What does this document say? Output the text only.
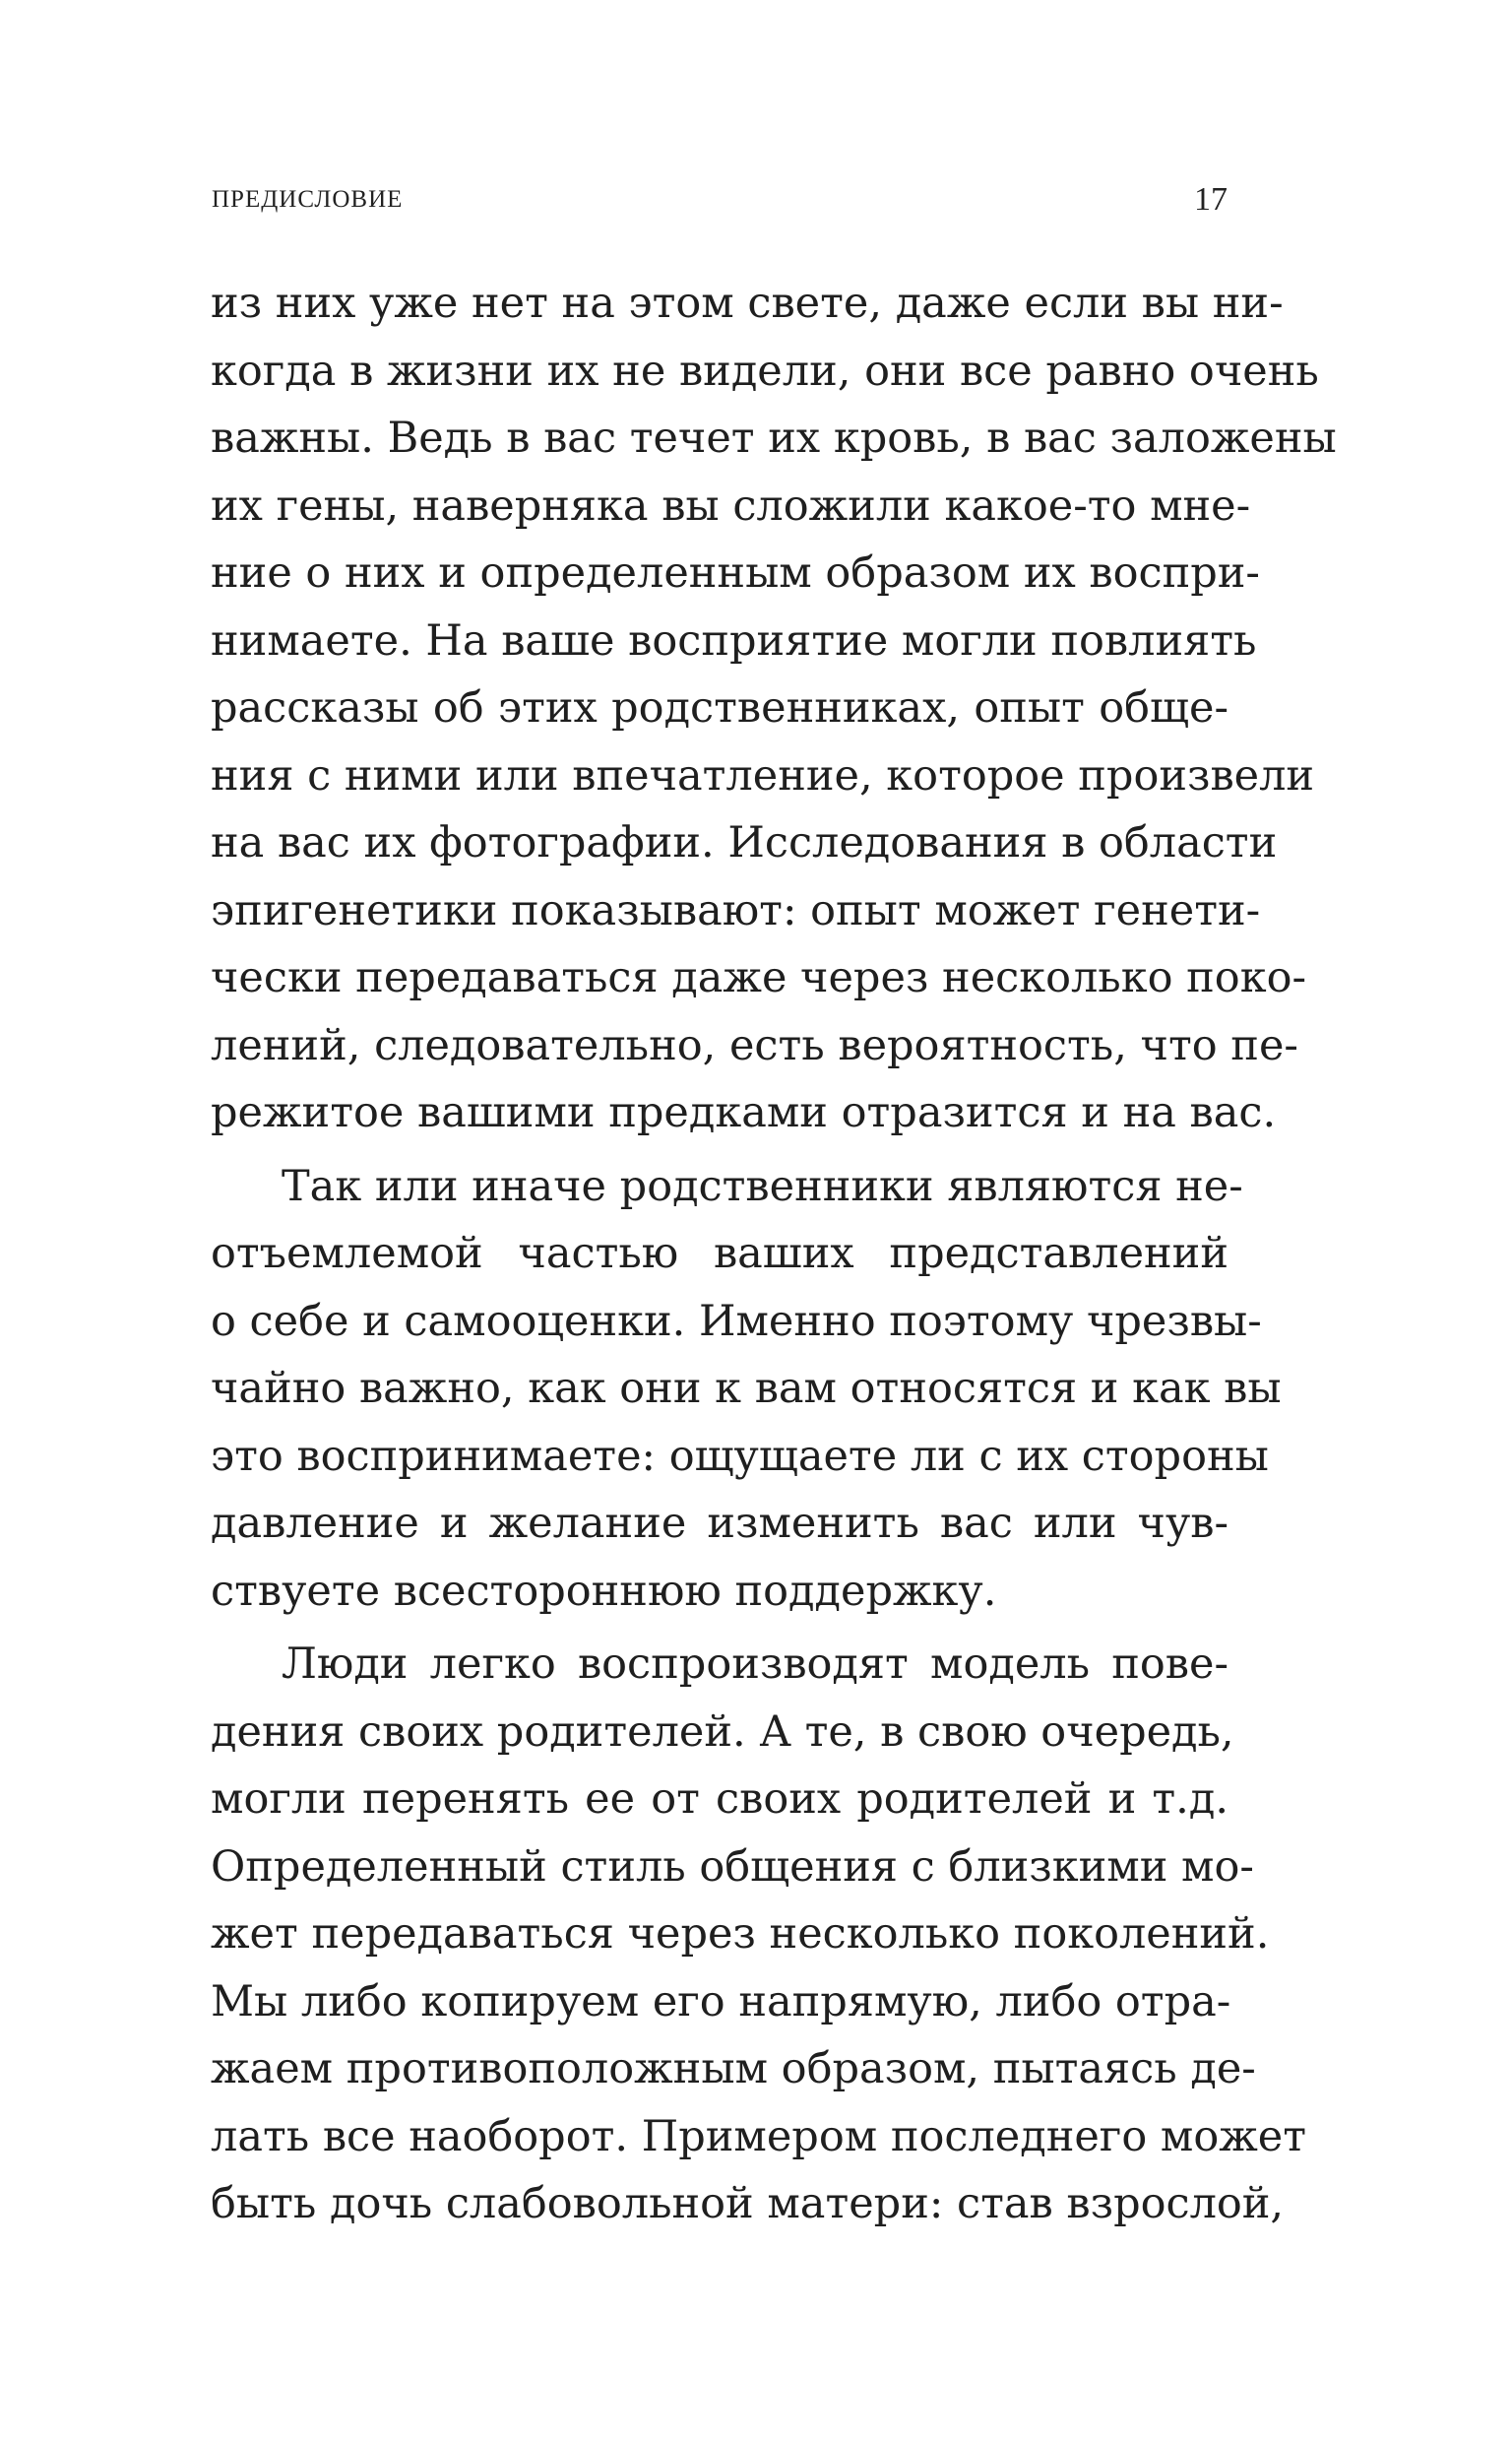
ПРЕДИСЛОВИЕ	17
из них уже нет на этом свете, даже если вы ни-
когда в жизни их не видели, они все равно очень
важны. Ведь в вас течет их кровь, в вас заложены
их гены, наверняка вы сложили какое-то мне-
ние о них и определенным образом их воспри-
нимаете. На ваше восприятие могли повлиять
рассказы об этих родственниках, опыт обще-
ния с ними или впечатление, которое произвели
на вас их фотографии. Исследования в области
эпигенетики показывают: опыт может генети-
чески передаваться даже через несколько поко-
лений, следовательно, есть вероятность, что пе-
режитое вашими предками отразится и на вас.
Так или иначе родственники являются не-
отъемлемой частью ваших представлений
о себе и самооценки. Именно поэтому чрезвы-
чайно важно, как они к вам относятся и как вы
это воспринимаете: ощущаете ли с их стороны
давление и желание изменить вас или чув-
ствуете всестороннюю поддержку.
Люди легко воспроизводят модель пове-
дения своих родителей. А те, в свою очередь,
могли перенять ее от своих родителей и т.д.
Определенный стиль общения с близкими мо-
жет передаваться через несколько поколений.
Мы либо копируем его напрямую, либо отра-
жаем противоположным образом, пытаясь де-
лать все наоборот. Примером последнего может
быть дочь слабовольной матери: став взрослой,
